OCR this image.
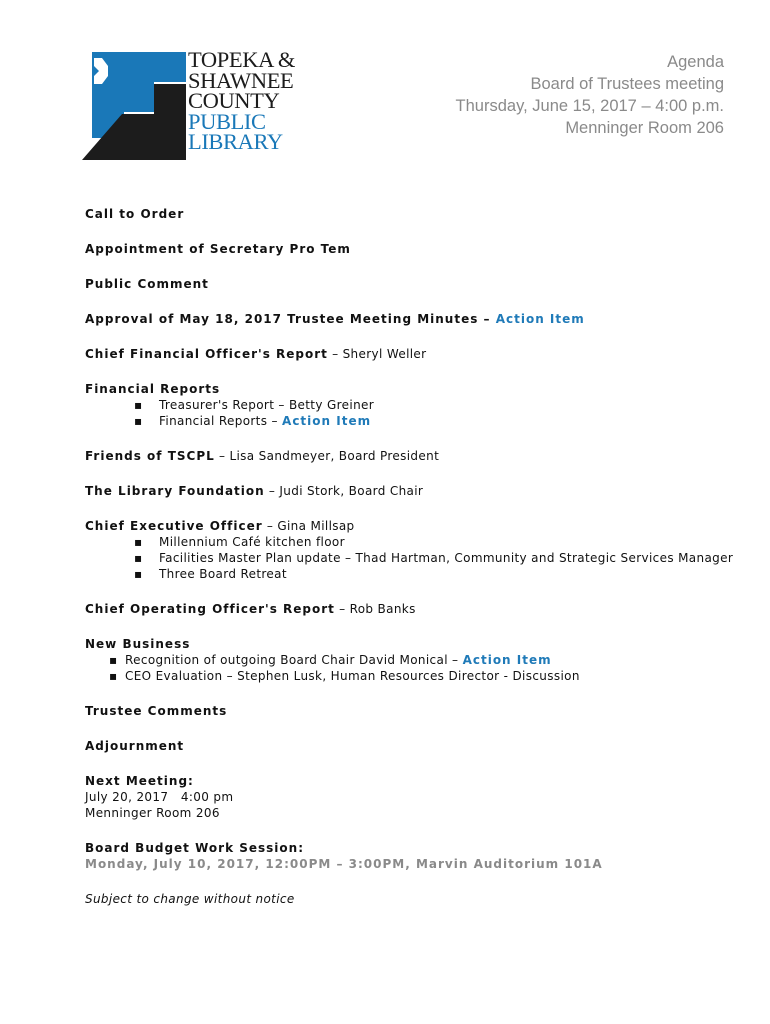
TOPEKA &
SHAWNEE
COUNTY
PUBLIC
LIBRARY
Agenda
Board of Trustees meeting
Thursday, June 15, 2017 – 4:00 p.m.
Menninger Room 206
Call to Order
Appointment of Secretary Pro Tem
Public Comment
Approval of May 18, 2017 Trustee Meeting Minutes – Action Item
Chief Financial Officer's Report – Sheryl Weller
Financial Reports
▪ Treasurer's Report – Betty Greiner
▪ Financial Reports – Action Item
Friends of TSCPL – Lisa Sandmeyer, Board President
The Library Foundation – Judi Stork, Board Chair
Chief Executive Officer – Gina Millsap
▪ Millennium Café kitchen floor
▪ Facilities Master Plan update – Thad Hartman, Community and Strategic Services Manager
▪ Three Board Retreat
Chief Operating Officer's Report – Rob Banks
New Business
▪ Recognition of outgoing Board Chair David Monical – Action Item
▪ CEO Evaluation – Stephen Lusk, Human Resources Director - Discussion
Trustee Comments
Adjournment
Next Meeting:
July 20, 2017   4:00 pm
Menninger Room 206
Board Budget Work Session:
Monday, July 10, 2017, 12:00PM – 3:00PM, Marvin Auditorium 101A
Subject to change without notice
